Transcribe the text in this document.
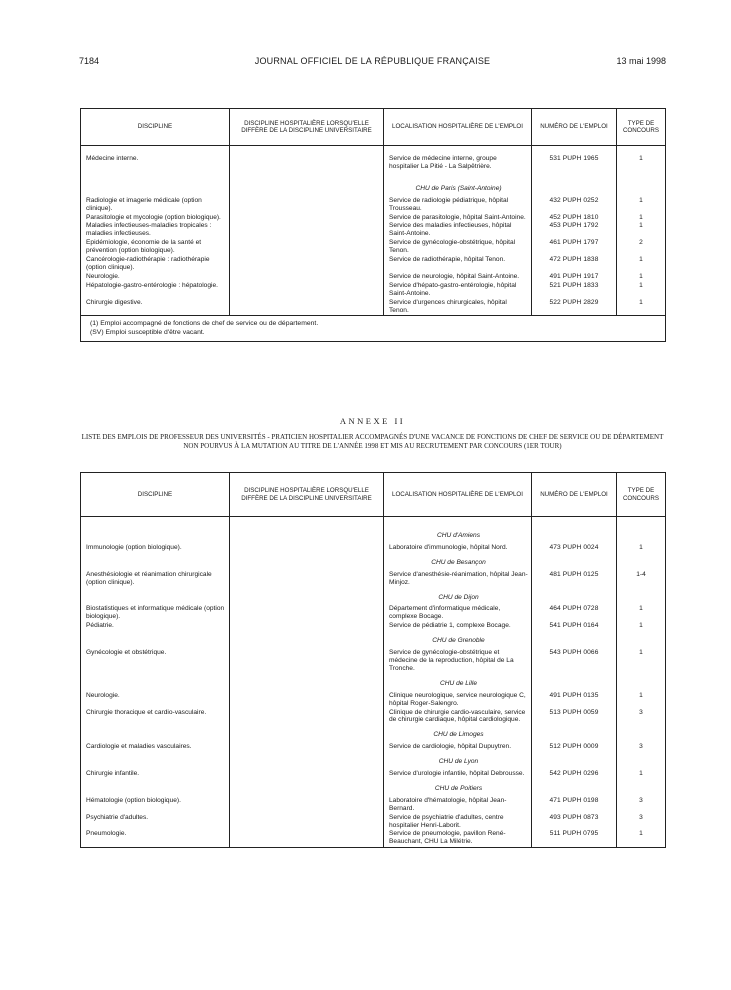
7184	JOURNAL OFFICIEL DE LA RÉPUBLIQUE FRANÇAISE	13 mai 1998
DISCIPLINE	DISCIPLINE HOSPITALIÈRE LORSQU'ELLE DIFFÈRE DE LA DISCIPLINE UNIVERSITAIRE	LOCALISATION HOSPITALIÈRE DE L'EMPLOI	NUMÉRO DE L'EMPLOI	TYPE DE CONCOURS

Médecine interne.		Service de médecine interne, groupe hospitalier La Pitié - La Salpêtrière.	531 PUPH 1965	1
		CHU de Paris (Saint-Antoine)		
Radiologie et imagerie médicale (option clinique).		Service de radiologie pédiatrique, hôpital Trousseau.	432 PUPH 0252	1
Parasitologie et mycologie (option biologique).		Service de parasitologie, hôpital Saint-Antoine.	452 PUPH 1810	1
Maladies infectieuses-maladies tropicales : maladies infectieuses.		Service des maladies infectieuses, hôpital Saint-Antoine.	453 PUPH 1792	1
Epidémiologie, économie de la santé et prévention (option biologique).		Service de gynécologie-obstétrique, hôpital Tenon.	461 PUPH 1797	2
Cancérologie-radiothérapie : radiothérapie (option clinique).		Service de radiothérapie, hôpital Tenon.	472 PUPH 1838	1
Neurologie.		Service de neurologie, hôpital Saint-Antoine.	491 PUPH 1917	1
Hépatologie-gastro-entérologie : hépatologie.		Service d'hépato-gastro-entérologie, hôpital Saint-Antoine.	521 PUPH 1833	1
Chirurgie digestive.		Service d'urgences chirurgicales, hôpital Tenon.	522 PUPH 2829	1

(1) Emploi accompagné de fonctions de chef de service ou de département.
(SV) Emploi susceptible d'être vacant.				
ANNEXE II
LISTE DES EMPLOIS DE PROFESSEUR DES UNIVERSITÉS - PRATICIEN HOSPITALIER ACCOMPAGNÉS D'UNE VACANCE DE FONCTIONS DE CHEF DE SERVICE OU DE DÉPARTEMENT NON POURVUS À LA MUTATION AU TITRE DE L'ANNÉE 1998 ET MIS AU RECRUTEMENT PAR CONCOURS (1ER TOUR)
DISCIPLINE	DISCIPLINE HOSPITALIÈRE LORSQU'ELLE DIFFÈRE DE LA DISCIPLINE UNIVERSITAIRE	LOCALISATION HOSPITALIÈRE DE L'EMPLOI	NUMÉRO DE L'EMPLOI	TYPE DE CONCOURS

		CHU d'Amiens		
Immunologie (option biologique).		Laboratoire d'immunologie, hôpital Nord.	473 PUPH 0024	1
		CHU de Besançon		
Anesthésiologie et réanimation chirurgicale (option clinique).		Service d'anesthésie-réanimation, hôpital Jean-Minjoz.	481 PUPH 0125	1-4
		CHU de Dijon		
Biostatistiques et informatique médicale (option biologique).		Département d'informatique médicale, complexe Bocage.	464 PUPH 0728	1
Pédiatrie.		Service de pédiatrie 1, complexe Bocage.	541 PUPH 0164	1
		CHU de Grenoble		
Gynécologie et obstétrique.		Service de gynécologie-obstétrique et médecine de la reproduction, hôpital de La Tronche.	543 PUPH 0066	1
		CHU de Lille		
Neurologie.		Clinique neurologique, service neurologique C, hôpital Roger-Salengro.	491 PUPH 0135	1
Chirurgie thoracique et cardio-vasculaire.		Clinique de chirurgie cardio-vasculaire, service de chirurgie cardiaque, hôpital cardiologique.	513 PUPH 0059	3
		CHU de Limoges		
Cardiologie et maladies vasculaires.		Service de cardiologie, hôpital Dupuytren.	512 PUPH 0009	3
		CHU de Lyon		
Chirurgie infantile.		Service d'urologie infantile, hôpital Debrousse.	542 PUPH 0296	1
		CHU de Poitiers		
Hématologie (option biologique).		Laboratoire d'hématologie, hôpital Jean-Bernard.	471 PUPH 0198	3
Psychiatrie d'adultes.		Service de psychiatrie d'adultes, centre hospitalier Henri-Laborit.	493 PUPH 0873	3
Pneumologie.		Service de pneumologie, pavillon René-Beauchant, CHU La Milétrie.	511 PUPH 0795	1
